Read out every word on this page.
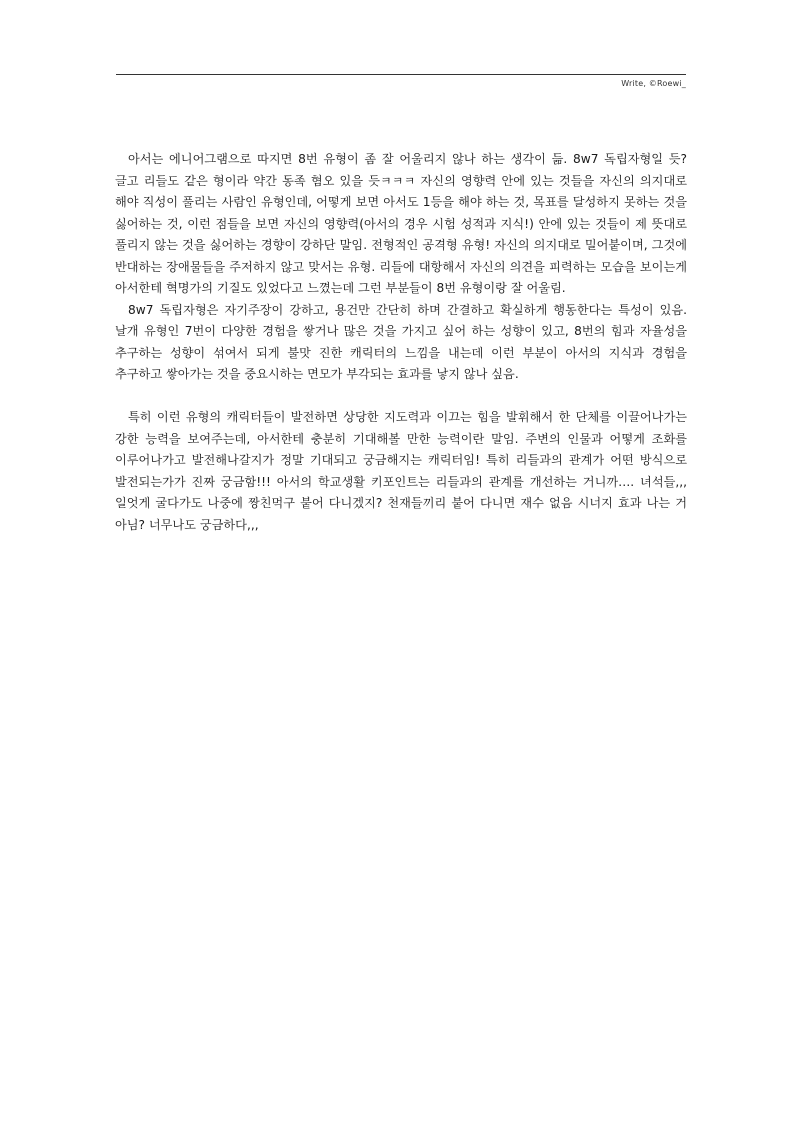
Write, ©Roewi_

아서는 에니어그램으로 따지면 8번 유형이 좀 잘 어울리지 않나 하는 생각이 듦. 8w7 독립자형일 듯? 글고 리들도 같은 형이라 약간 동족 혐오 있을 듯ㅋㅋㅋ 자신의 영향력 안에 있는 것들을 자신의 의지대로 해야 직성이 풀리는 사람인 유형인데, 어떻게 보면 아서도 1등을 해야 하는 것, 목표를 달성하지 못하는 것을 싫어하는 것, 이런 점들을 보면 자신의 영향력(아서의 경우 시험 성적과 지식!) 안에 있는 것들이 제 뜻대로 풀리지 않는 것을 싫어하는 경향이 강하단 말임. 전형적인 공격형 유형! 자신의 의지대로 밀어붙이며, 그것에 반대하는 장애물들을 주저하지 않고 맞서는 유형. 리들에 대항해서 자신의 의견을 피력하는 모습을 보이는게 아서한테 혁명가의 기질도 있었다고 느꼈는데 그런 부분들이 8번 유형이랑 잘 어울림.

8w7 독립자형은 자기주장이 강하고, 용건만 간단히 하며 간결하고 확실하게 행동한다는 특성이 있음. 날개 유형인 7번이 다양한 경험을 쌓거나 많은 것을 가지고 싶어 하는 성향이 있고, 8번의 힘과 자율성을 추구하는 성향이 섞여서 되게 불맛 진한 캐릭터의 느낌을 내는데 이런 부분이 아서의 지식과 경험을 추구하고 쌓아가는 것을 중요시하는 면모가 부각되는 효과를 낳지 않나 싶음.

특히 이런 유형의 캐릭터들이 발전하면 상당한 지도력과 이끄는 힘을 발휘해서 한 단체를 이끌어나가는 강한 능력을 보여주는데, 아서한테 충분히 기대해볼 만한 능력이란 말임. 주변의 인물과 어떻게 조화를 이루어나가고 발전해나갈지가 정말 기대되고 궁금해지는 캐릭터임! 특히 리들과의 관계가 어떤 방식으로 발전되는가가 진짜 궁금함!!! 아서의 학교생활 키포인트는 리들과의 관계를 개선하는 거니까…. 녀석들,,, 일엇게 굴다가도 나중에 짱친먹구 붙어 다니겠지? 천재들끼리 붙어 다니면 재수 없음 시너지 효과 나는 거 아님? 너무나도 궁금하다,,,
